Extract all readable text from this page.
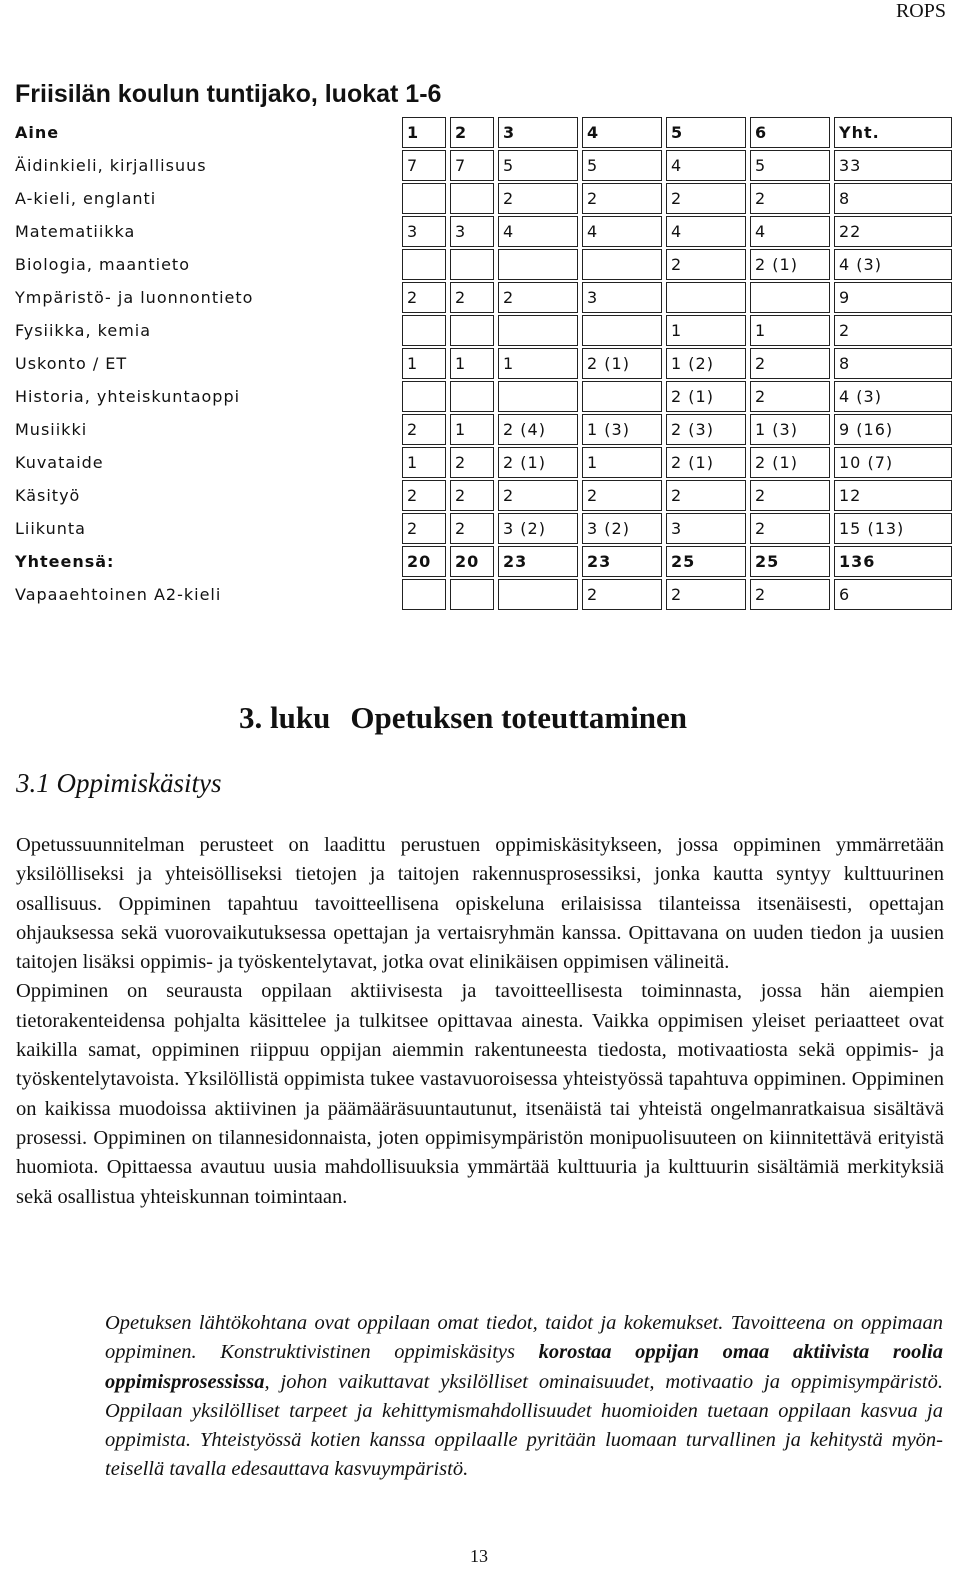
ROPS
Friisilän koulun tuntijako, luokat 1-6
Aine	1	2	3	4	5	6	Yht.
Äidinkieli, kirjallisuus	7	7	5	5	4	5	33
A-kieli, englanti			2	2	2	2	8
Matematiikka	3	3	4	4	4	4	22
Biologia, maantieto					2	2 (1)	4 (3)
Ympäristö- ja luonnontieto	2	2	2	3			9
Fysiikka, kemia					1	1	2
Uskonto / ET	1	1	1	2 (1)	1 (2)	2	8
Historia, yhteiskuntaoppi					2 (1)	2	4 (3)
Musiikki	2	1	2 (4)	1 (3)	2 (3)	1 (3)	9 (16)
Kuvataide	1	2	2 (1)	1	2 (1)	2 (1)	10 (7)
Käsityö	2	2	2	2	2	2	12
Liikunta	2	2	3 (2)	3 (2)	3	2	15 (13)
Yhteensä:	20	20	23	23	25	25	136
Vapaaehtoinen A2-kieli				2	2	2	6
3. luku Opetuksen toteuttaminen
3.1 Oppimiskäsitys

Opetussuunnitelman perusteet on laadittu perustuen oppimiskäsitykseen, jossa oppiminen ymmärretään yksilölliseksi ja yhteisölliseksi tietojen ja taitojen rakennusprosessiksi, jonka kautta syntyy kulttuurinen osallisuus. Oppiminen tapahtuu tavoitteellisena opiskeluna erilaisissa tilanteissa itsenäisesti, opettajan ohjauksessa sekä vuorovaikutuksessa opettajan ja vertaisryhmän kanssa. Opittavana on uuden tiedon ja uusien taitojen lisäksi oppimis- ja työskentelytavat, jotka ovat elinikäisen oppimisen välineitä.

Oppiminen on seurausta oppilaan aktiivisesta ja tavoitteellisesta toiminnasta, jossa hän aiempien tietorakenteidensa pohjalta käsittelee ja tulkitsee opittavaa ainesta. Vaikka oppimisen yleiset periaatteet ovat kaikilla samat, oppiminen riippuu oppijan aiemmin rakentuneesta tiedosta, motivaatiosta sekä oppimis- ja työskentelytavoista. Yksilöllistä oppimista tukee vastavuoroisessa yhteistyössä tapahtuva oppiminen. Oppiminen on kaikissa muodoissa aktiivinen ja päämääräsuuntautunut, itsenäistä tai yhteistä ongelmanratkaisua sisältävä prosessi. Oppiminen on tilannesidonnaista, joten oppimisympäristön monipuolisuuteen on kiinnitettävä erityistä huomiota. Opittaessa avautuu uusia mahdollisuuksia ymmärtää kulttuuria ja kulttuurin sisältämiä merkityksiä sekä osallistua yhteiskunnan toimintaan.

Opetuksen lähtökohtana ovat oppilaan omat tiedot, taidot ja kokemukset. Tavoitteena on oppimaan oppiminen. Konstruktivistinen oppimiskäsitys korostaa oppijan omaa aktiivista roolia oppimisprosessissa, johon vaikuttavat yksilölliset ominaisuudet, motivaatio ja oppimisympäristö. Oppilaan yksilölliset tarpeet ja kehittymismahdollisuudet huomioiden tuetaan oppilaan kasvua ja oppimista. Yhteistyössä kotien kanssa oppilaalle pyritään luomaan turvallinen ja kehitystä myönteisellä tavalla edesauttava kasvuympäristö.

13
